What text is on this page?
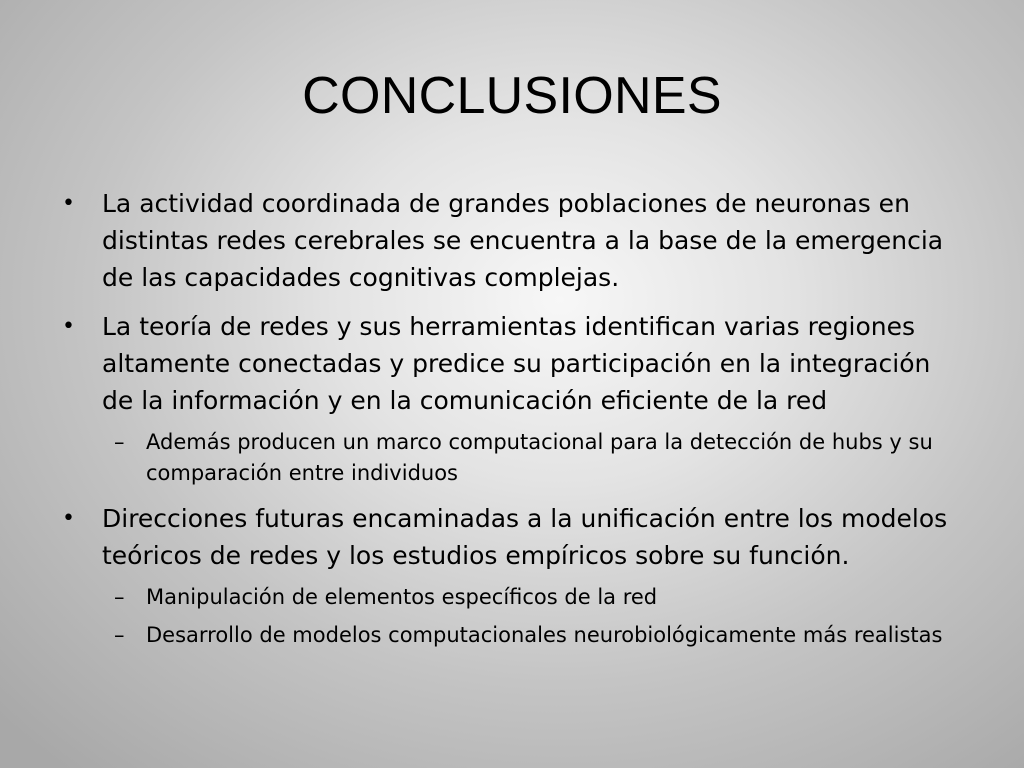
CONCLUSIONES
• La actividad coordinada de grandes poblaciones de neuronas en distintas redes cerebrales se encuentra a la base de la emergencia de las capacidades cognitivas complejas.
• La teoría de redes y sus herramientas identifican varias regiones altamente conectadas y predice su participación en la integración de la información y en la comunicación eficiente de la red
– Además producen un marco computacional para la detección de hubs y su comparación entre individuos
• Direcciones futuras encaminadas a la unificación entre los modelos teóricos de redes y los estudios empíricos sobre su función.
– Manipulación de elementos específicos de la red
– Desarrollo de modelos computacionales neurobiológicamente más realistas
